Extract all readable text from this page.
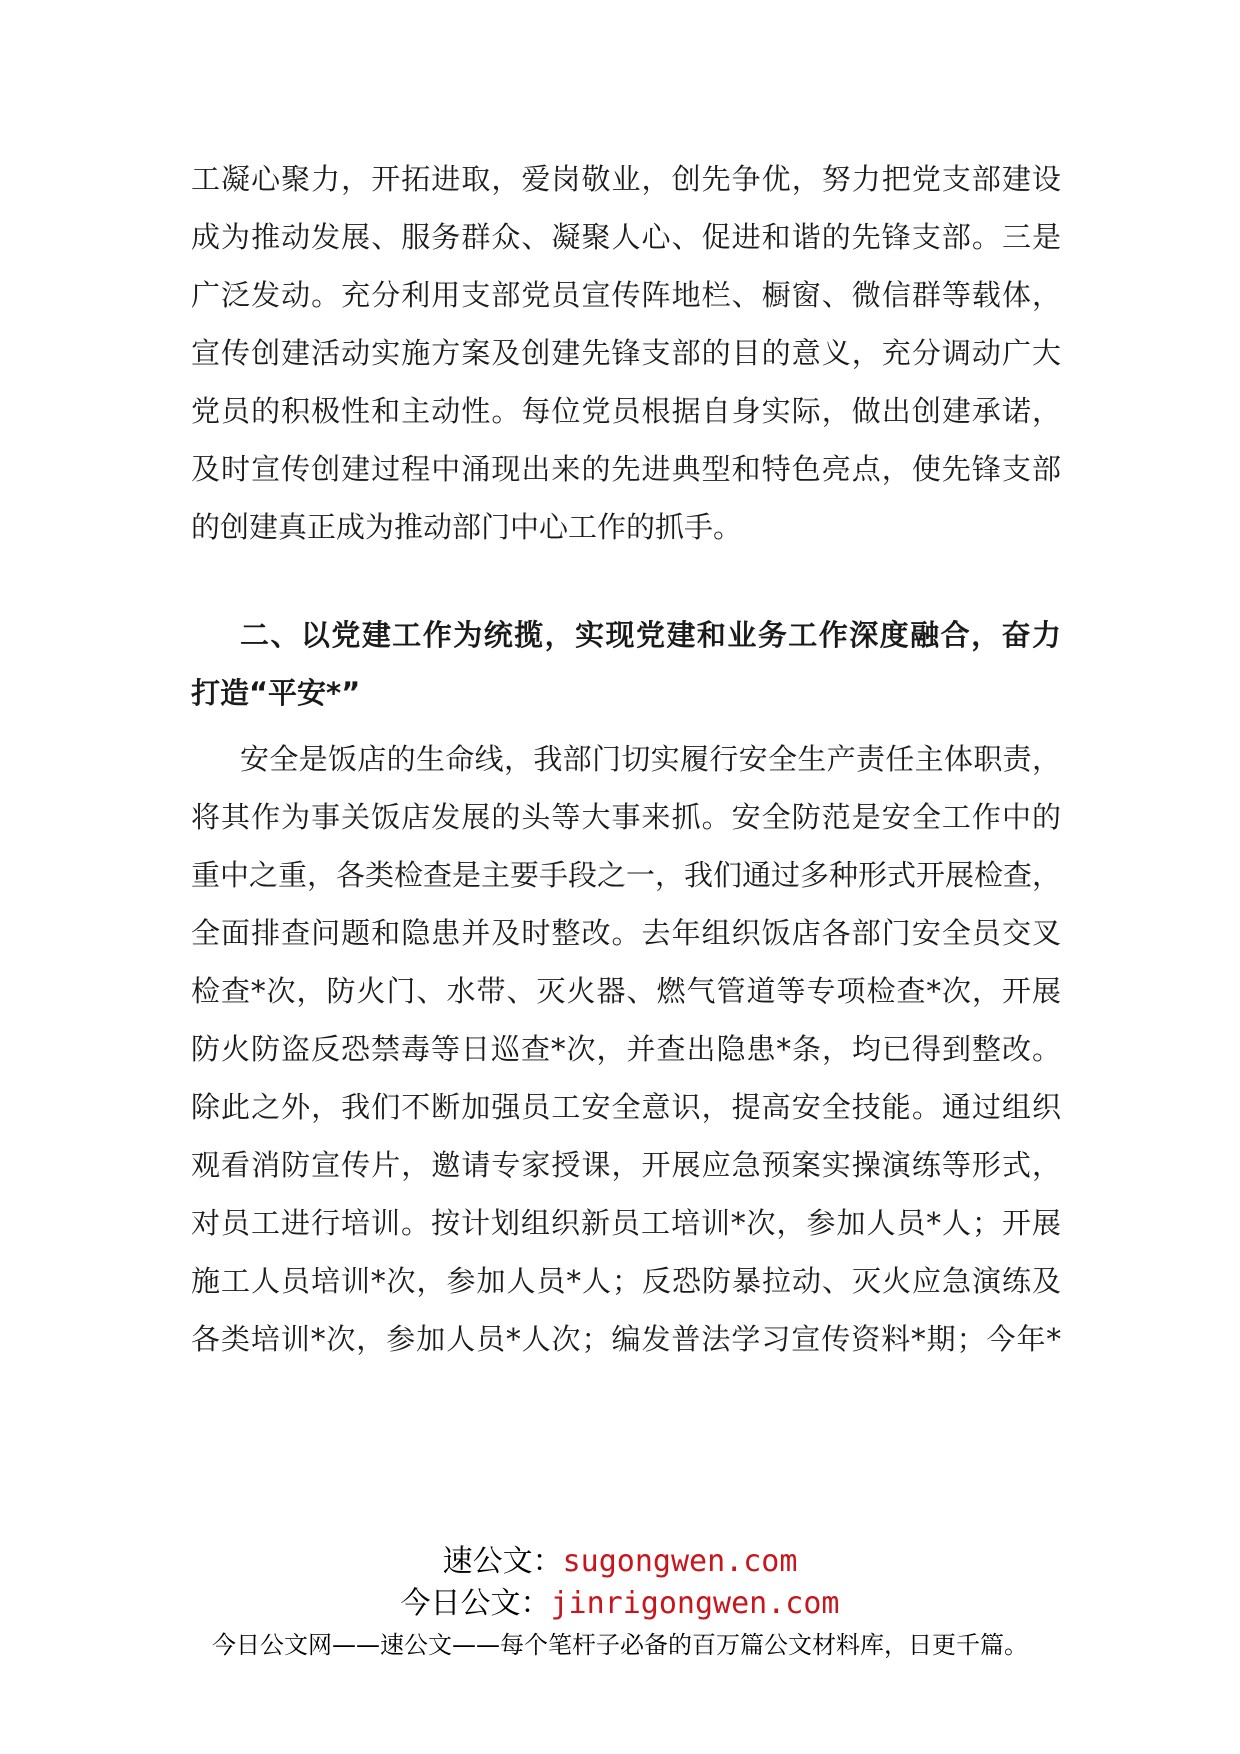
工凝心聚力，开拓进取，爱岗敬业，创先争优，努力把党支部建设
成为推动发展、服务群众、凝聚人心、促进和谐的先锋支部。三是
广泛发动。充分利用支部党员宣传阵地栏、橱窗、微信群等载体，
宣传创建活动实施方案及创建先锋支部的目的意义，充分调动广大
党员的积极性和主动性。每位党员根据自身实际，做出创建承诺，
及时宣传创建过程中涌现出来的先进典型和特色亮点，使先锋支部
的创建真正成为推动部门中心工作的抓手。
二、以党建工作为统揽，实现党建和业务工作深度融合，奋力
打造“平安*”
安全是饭店的生命线，我部门切实履行安全生产责任主体职责，
将其作为事关饭店发展的头等大事来抓。安全防范是安全工作中的
重中之重，各类检查是主要手段之一，我们通过多种形式开展检查，
全面排查问题和隐患并及时整改。去年组织饭店各部门安全员交叉
检查*次，防火门、水带、灭火器、燃气管道等专项检查*次，开展
防火防盗反恐禁毒等日巡查*次，并查出隐患*条，均已得到整改。
除此之外，我们不断加强员工安全意识，提高安全技能。通过组织
观看消防宣传片，邀请专家授课，开展应急预案实操演练等形式，
对员工进行培训。按计划组织新员工培训*次，参加人员*人；开展
施工人员培训*次，参加人员*人；反恐防暴拉动、灭火应急演练及
各类培训*次，参加人员*人次；编发普法学习宣传资料*期；今年*
速公文：sugongwen.com
今日公文：jinrigongwen.com
今日公文网——速公文——每个笔杆子必备的百万篇公文材料库，日更千篇。
